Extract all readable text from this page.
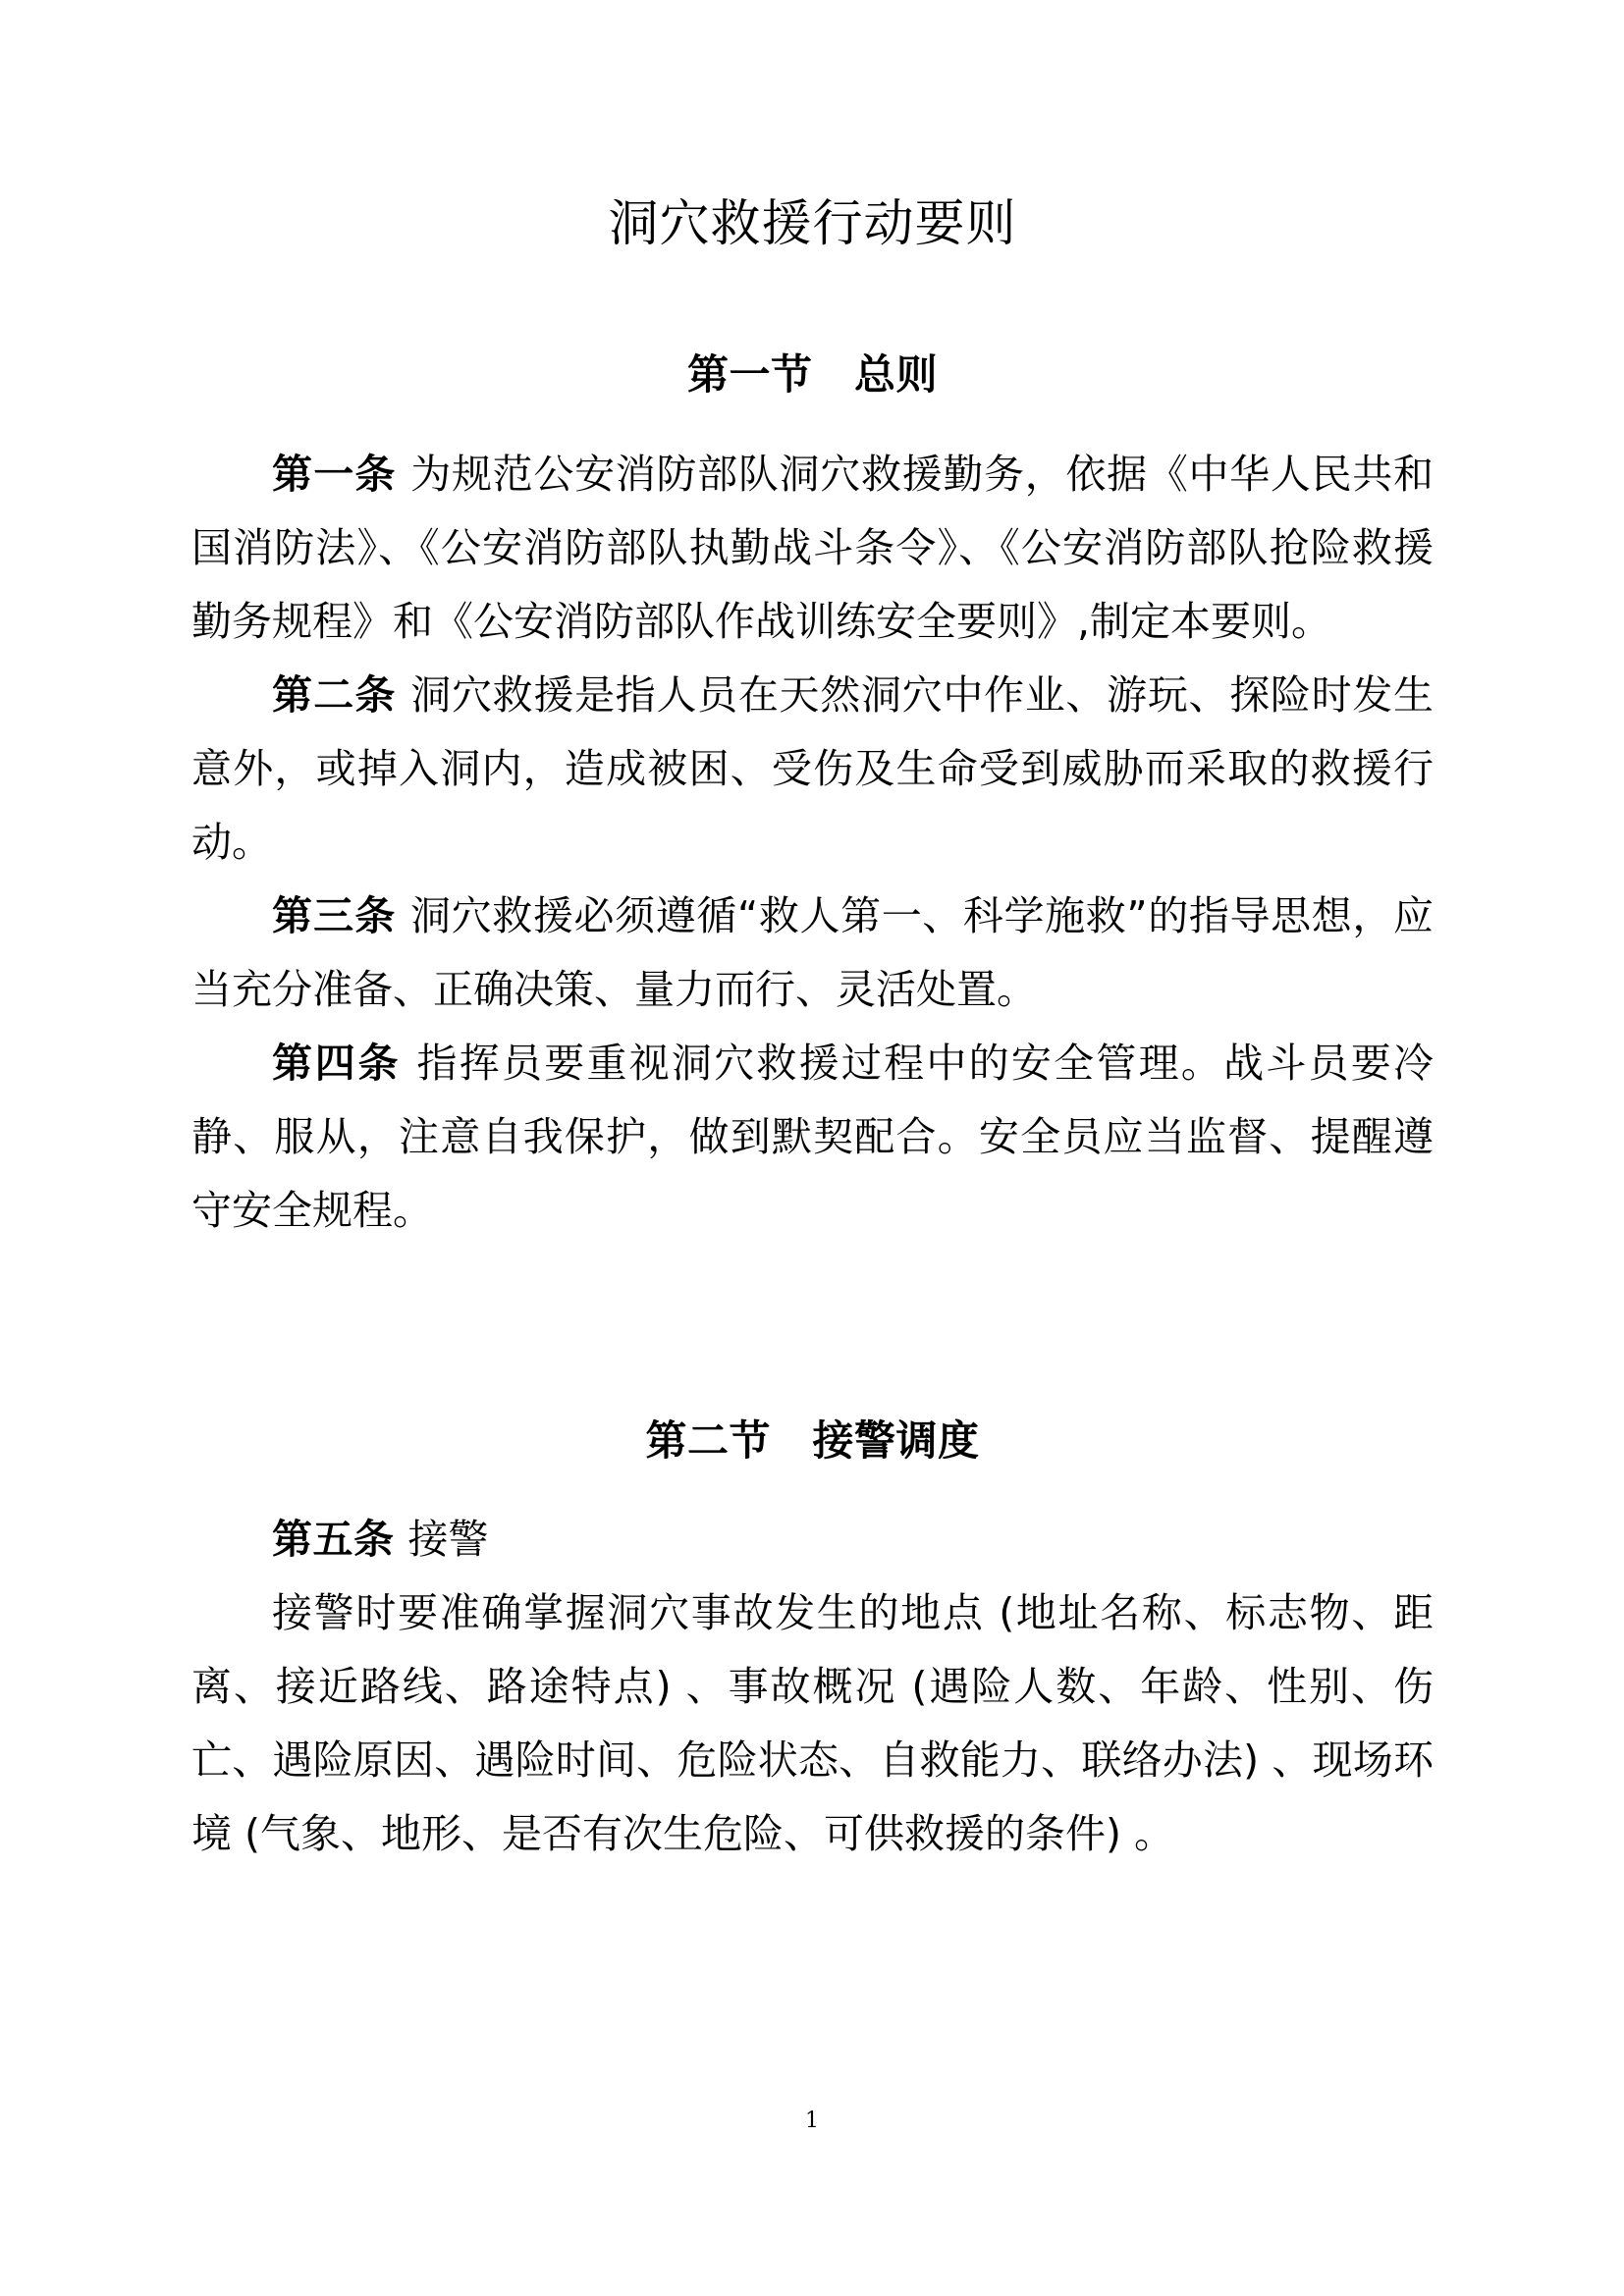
洞穴救援行动要则
第一节　总则

第一条 为规范公安消防部队洞穴救援勤务，依据《中华人民共和国消防法》、《公安消防部队执勤战斗条令》、《公安消防部队抢险救援勤务规程》和《公安消防部队作战训练安全要则》,制定本要则。

第二条 洞穴救援是指人员在天然洞穴中作业、游玩、探险时发生意外，或掉入洞内，造成被困、受伤及生命受到威胁而采取的救援行动。

第三条 洞穴救援必须遵循“救人第一、科学施救”的指导思想，应当充分准备、正确决策、量力而行、灵活处置。

第四条 指挥员要重视洞穴救援过程中的安全管理。战斗员要冷静、服从，注意自我保护，做到默契配合。安全员应当监督、提醒遵守安全规程。

第二节　接警调度

第五条 接警

接警时要准确掌握洞穴事故发生的地点 (地址名称、标志物、距离、接近路线、路途特点) 、事故概况 (遇险人数、年龄、性别、伤亡、遇险原因、遇险时间、危险状态、自救能力、联络办法) 、现场环境 (气象、地形、是否有次生危险、可供救援的条件) 。

1
